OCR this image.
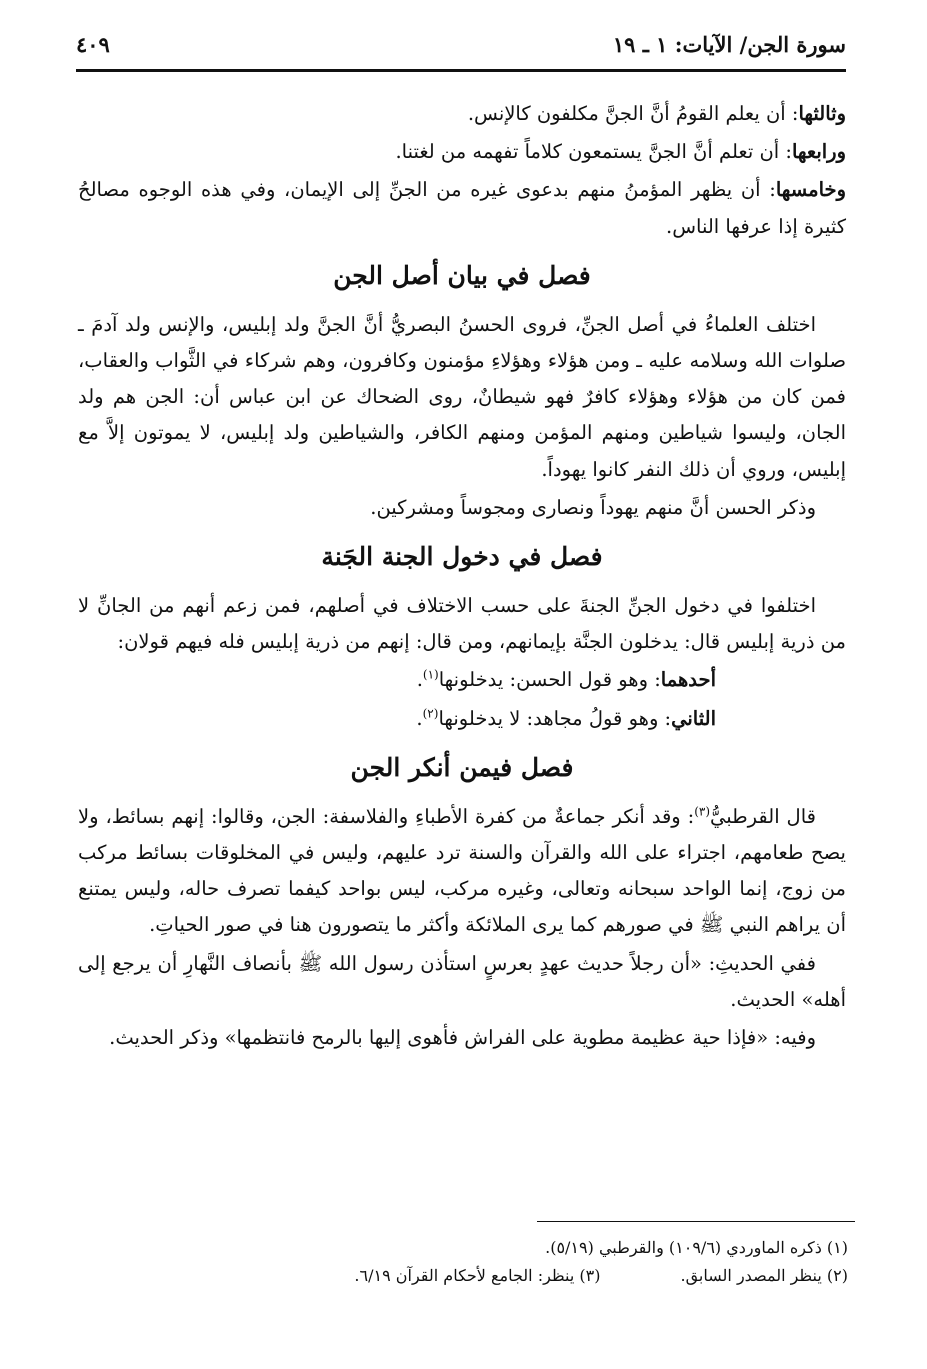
سورة الجن/ الآيات: ١ ـ ١٩
٤٠٩

وثالثها: أن يعلم القومُ أنَّ الجنَّ مكلفون كالإنس.

ورابعها: أن تعلم أنَّ الجنَّ يستمعون كلاماً تفهمه من لغتنا.

وخامسها: أن يظهر المؤمنُ منهم بدعوى غيره من الجنِّ إلى الإيمان، وفي هذه الوجوه مصالحُ كثيرة إذا عرفها الناس.

فصل في بيان أصل الجن

اختلف العلماءُ في أصل الجنِّ، فروى الحسنُ البصريُّ أنَّ الجنَّ ولد إبليس، والإنس ولد آدمَ ـ صلوات الله وسلامه عليه ـ ومن هؤلاء وهؤلاءِ مؤمنون وكافرون، وهم شركاء في الثَّواب والعقاب، فمن كان من هؤلاء وهؤلاء كافرٌ فهو شيطانٌ، روى الضحاك عن ابن عباس أن: الجن هم ولد الجان، وليسوا شياطين ومنهم المؤمن ومنهم الكافر، والشياطين ولد إبليس، لا يموتون إلاَّ مع إبليس، وروي أن ذلك النفر كانوا يهوداً.

وذكر الحسن أنَّ منهم يهوداً ونصارى ومجوساً ومشركين.

فصل في دخول الجنة الجَنة

اختلفوا في دخول الجنِّ الجنةَ على حسب الاختلاف في أصلهم، فمن زعم أنهم من الجانِّ لا من ذرية إبليس قال: يدخلون الجنَّة بإيمانهم، ومن قال: إنهم من ذرية إبليس فله فيهم قولان:

أحدهما: وهو قول الحسن: يدخلونها$^{(١)}$.

الثاني: وهو قولُ مجاهد: لا يدخلونها$^{(٢)}$.

فصل فيمن أنكر الجن

قال القرطبيُّ$^{(٣)}$: وقد أنكر جماعةٌ من كفرة الأطباءِ والفلاسفة: الجن، وقالوا: إنهم بسائط، ولا يصح طعامهم، اجتراء على الله والقرآن والسنة ترد عليهم، وليس في المخلوقات بسائط مركب من زوج، إنما الواحد سبحانه وتعالى، وغيره مركب، ليس بواحد كيفما تصرف حاله، وليس يمتنع أن يراهم النبي ﷺ في صورهم كما يرى الملائكة وأكثر ما يتصورون هنا في صور الحياتِ.

ففي الحديثِ: «أن رجلاً حديث عهدٍ بعرسٍ استأذن رسول الله ﷺ بأنصاف النَّهارِ أن يرجع إلى أهله» الحديث.

وفيه: «فإذا حية عظيمة مطوية على الفراش فأهوى إليها بالرمح فانتظمها» وذكر الحديث.

(١) ذكره الماوردي (١٠٩/٦) والقرطبي (٥/١٩).
(٢) ينظر المصدر السابق.
(٣) ينظر: الجامع لأحكام القرآن ٦/١٩.
